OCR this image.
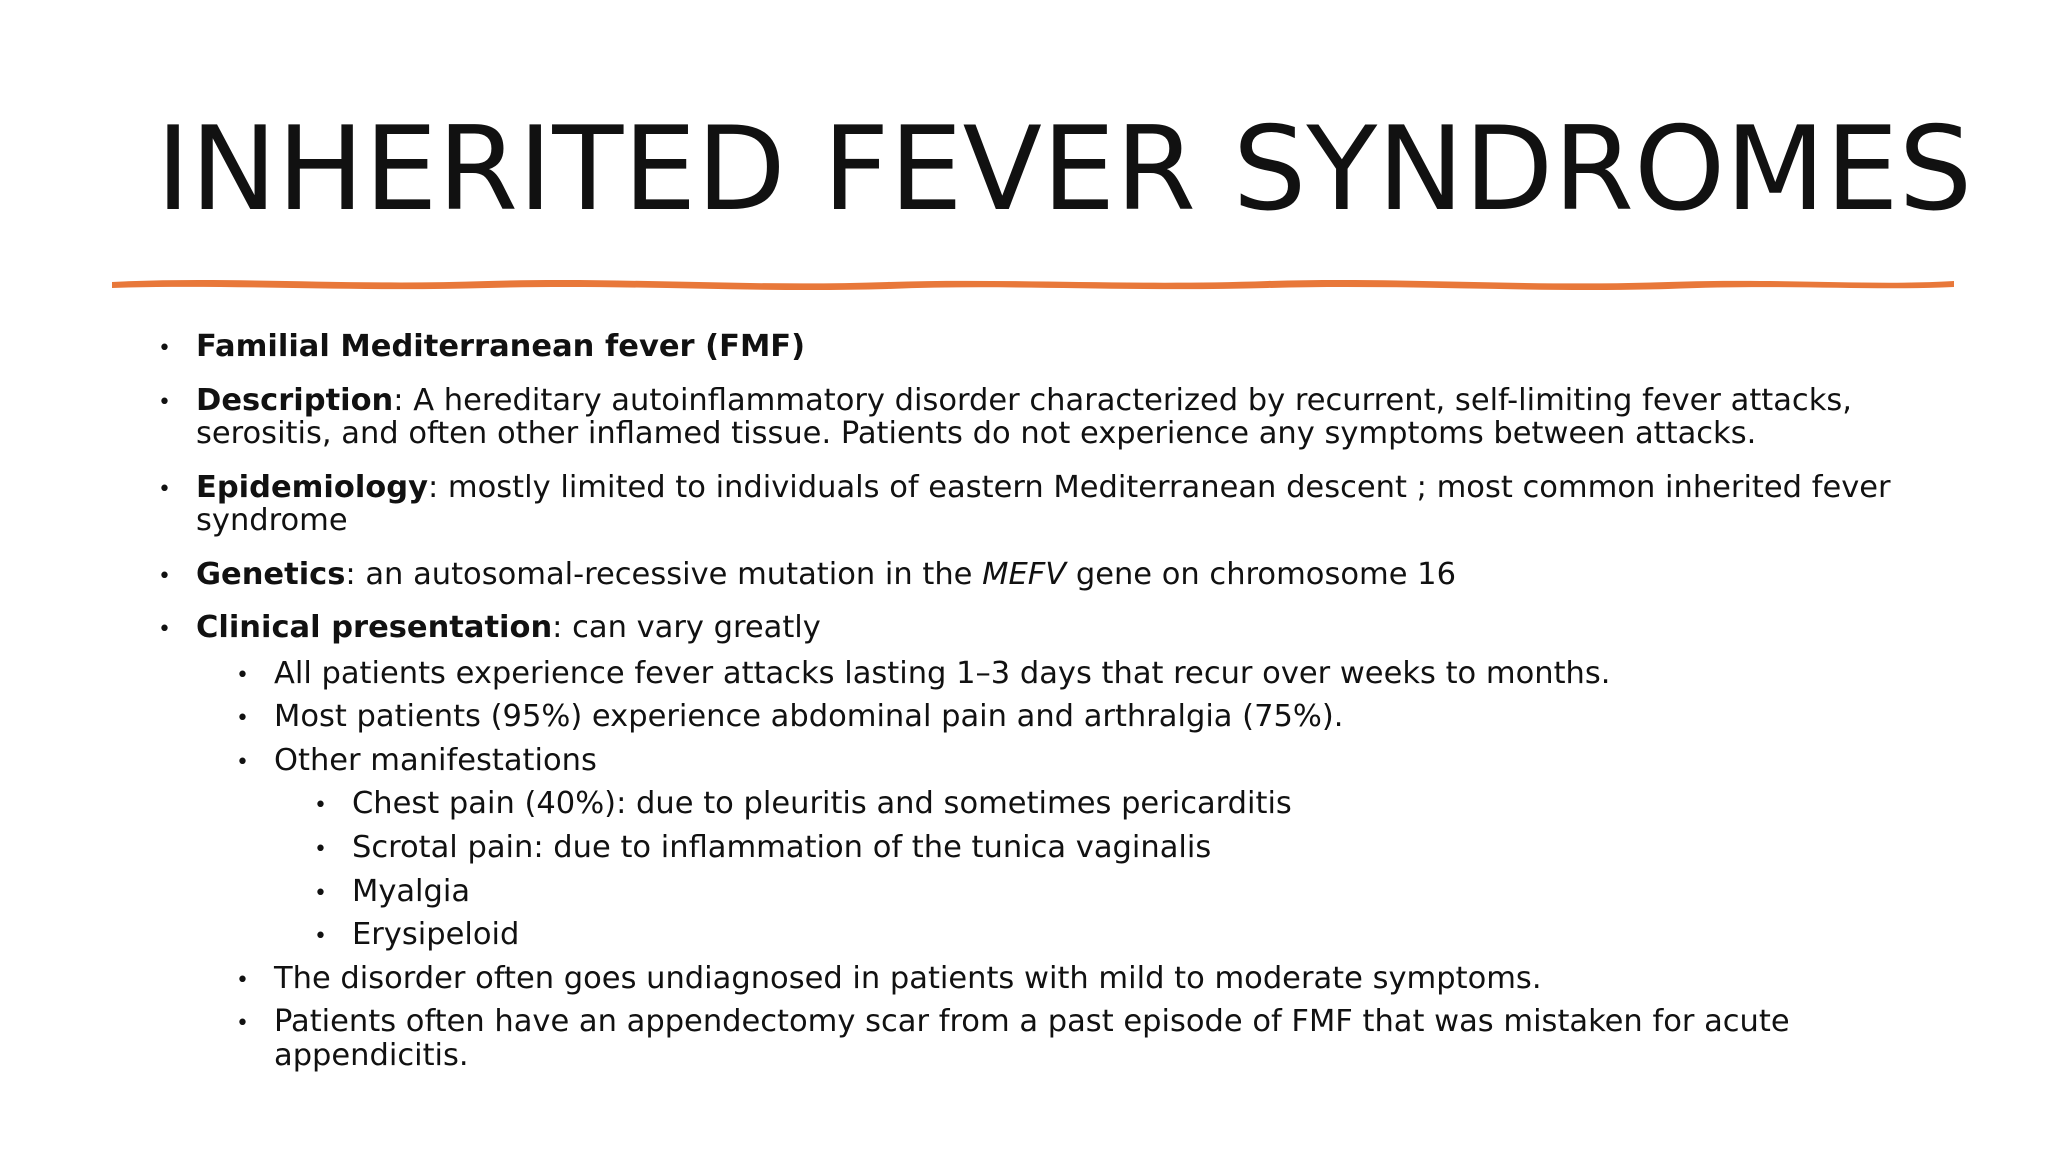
INHERITED FEVER SYNDROMES
• Familial Mediterranean fever (FMF)
• Description: A hereditary autoinflammatory disorder characterized by recurrent, self-limiting fever attacks, serositis, and often other inflamed tissue. Patients do not experience any symptoms between attacks.
• Epidemiology: mostly limited to individuals of eastern Mediterranean descent ; most common inherited fever syndrome
• Genetics: an autosomal-recessive mutation in the MEFV gene on chromosome 16
• Clinical presentation: can vary greatly
• All patients experience fever attacks lasting 1–3 days that recur over weeks to months.
• Most patients (95%) experience abdominal pain and arthralgia (75%).
• Other manifestations
• Chest pain (40%): due to pleuritis and sometimes pericarditis
• Scrotal pain: due to inflammation of the tunica vaginalis
• Myalgia
• Erysipeloid
• The disorder often goes undiagnosed in patients with mild to moderate symptoms.
• Patients often have an appendectomy scar from a past episode of FMF that was mistaken for acute appendicitis.
